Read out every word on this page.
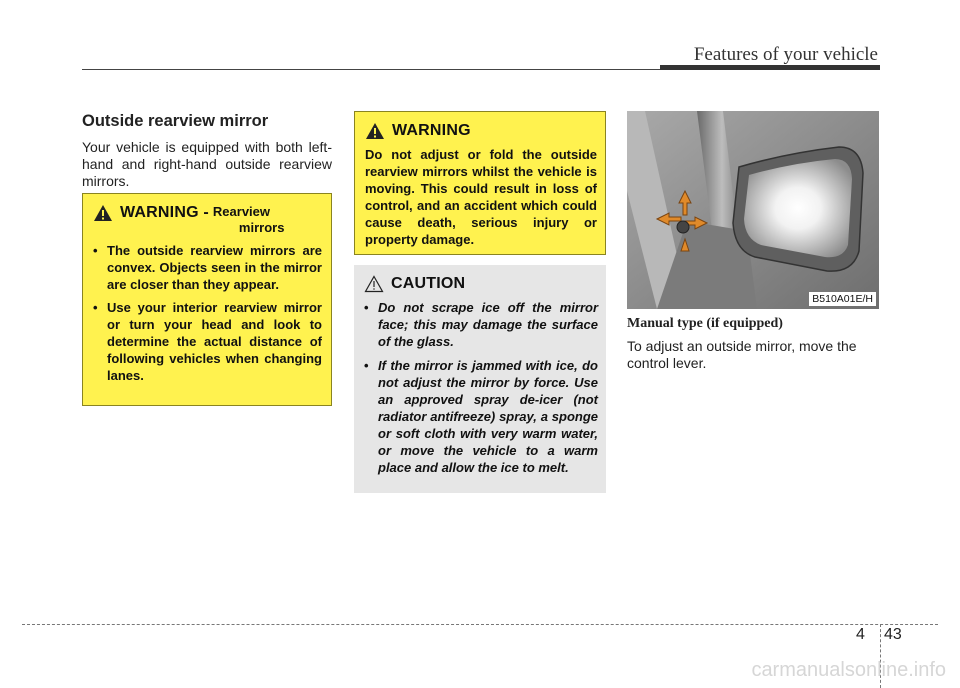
Features of your vehicle
Outside rearview mirror

Your vehicle is equipped with both left-hand and right-hand outside rearview mirrors.

WARNING - Rearview
mirrors
• The outside rearview mirrors are convex. Objects seen in the mirror are closer than they appear.
• Use your interior rearview mirror or turn your head and look to determine the actual distance of following vehicles when changing lanes.
WARNING

Do not adjust or fold the outside rearview mirrors whilst the vehicle is moving. This could result in loss of control, and an accident which could cause death, serious injury or property damage.

CAUTION
• Do not scrape ice off the mirror face; this may damage the surface of the glass.
• If the mirror is jammed with ice, do not adjust the mirror by force. Use an approved spray de-icer (not radiator antifreeze) spray, a sponge or soft cloth with very warm water, or move the vehicle to a warm place and allow the ice to melt.
B510A01E/H
Manual type (if equipped)

To adjust an outside mirror, move the control lever.

4 43
carmanualsonline.info
